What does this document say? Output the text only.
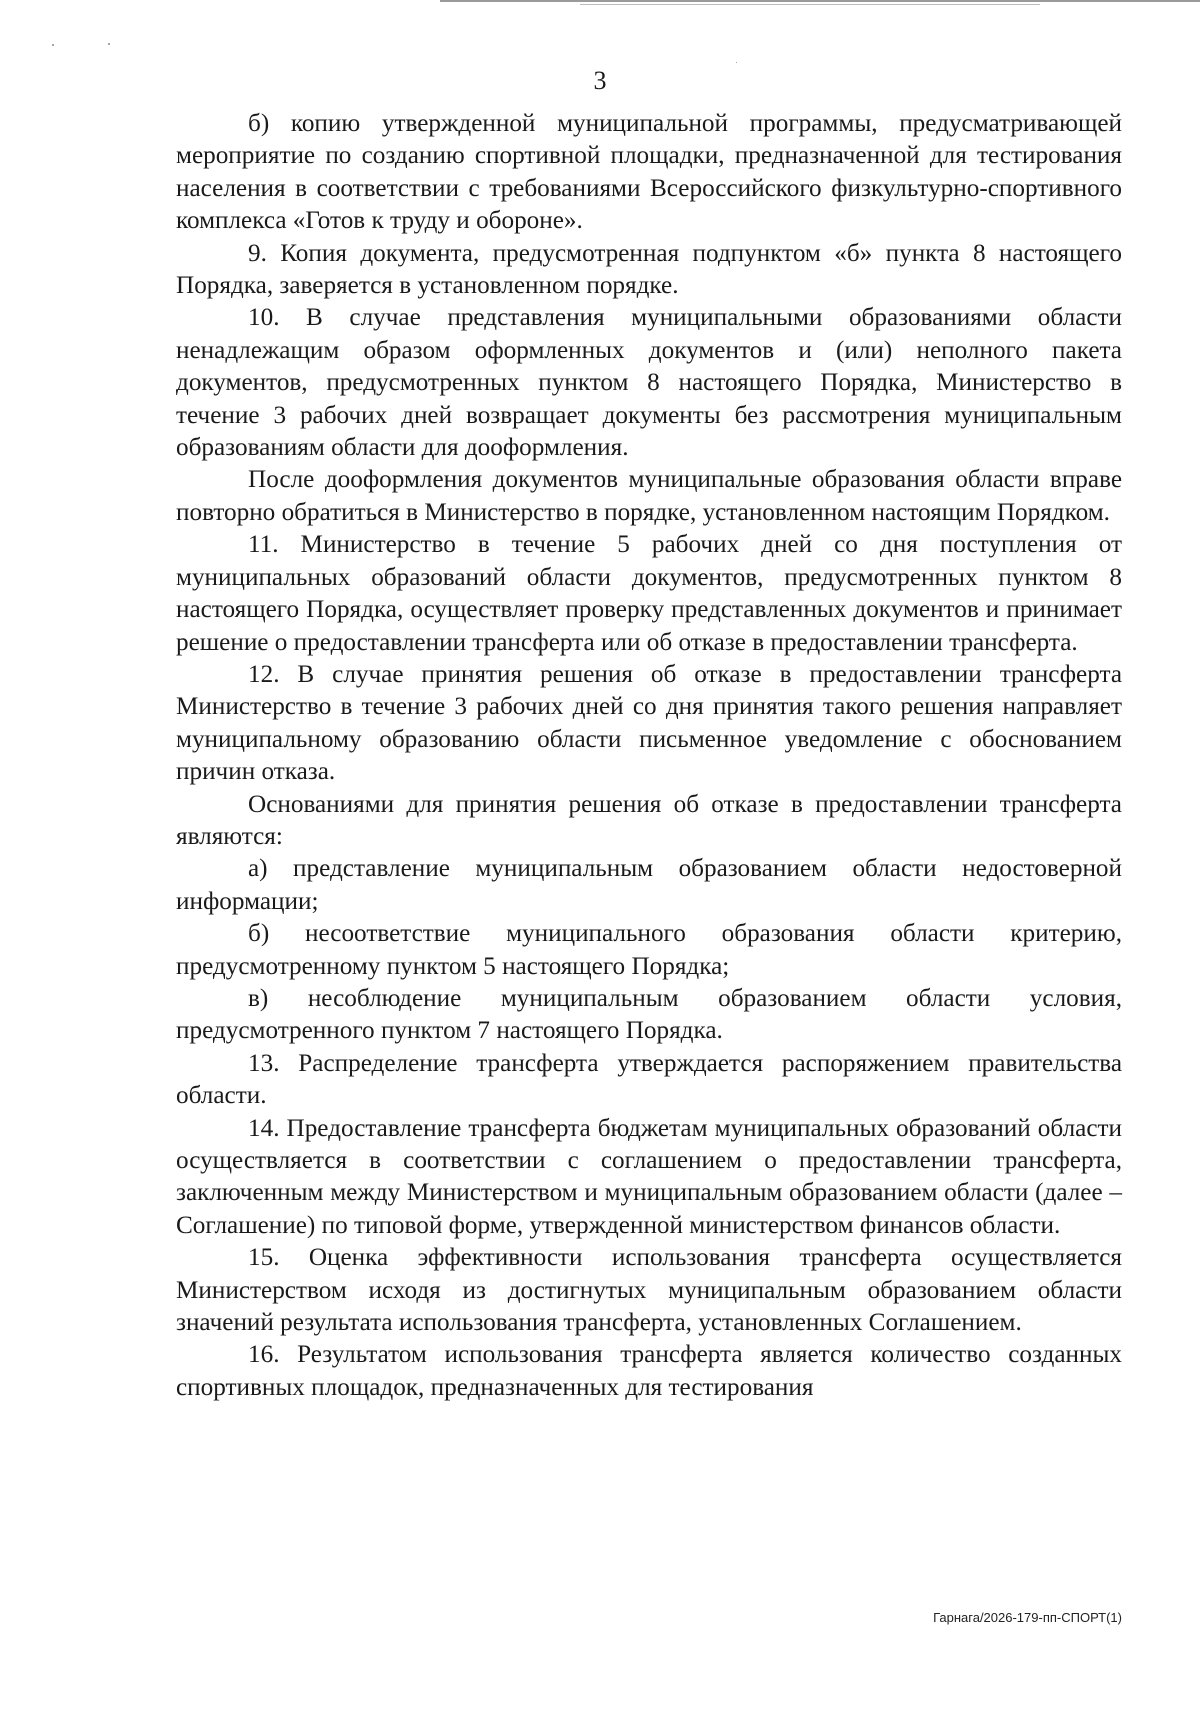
3

б) копию утвержденной муниципальной программы, предусматривающей мероприятие по созданию спортивной площадки, предназначенной для тестирования населения в соответствии с требованиями Всероссийского физкультурно-спортивного комплекса «Готов к труду и обороне».

9. Копия документа, предусмотренная подпунктом «б» пункта 8 настоящего Порядка, заверяется в установленном порядке.

10. В случае представления муниципальными образованиями области ненадлежащим образом оформленных документов и (или) неполного пакета документов, предусмотренных пунктом 8 настоящего Порядка, Министерство в течение 3 рабочих дней возвращает документы без рассмотрения муниципальным образованиям области для дооформления.

После дооформления документов муниципальные образования области вправе повторно обратиться в Министерство в порядке, установленном настоящим Порядком.

11. Министерство в течение 5 рабочих дней со дня поступления от муниципальных образований области документов, предусмотренных пунктом 8 настоящего Порядка, осуществляет проверку представленных документов и принимает решение о предоставлении трансферта или об отказе в предоставлении трансферта.

12. В случае принятия решения об отказе в предоставлении трансферта Министерство в течение 3 рабочих дней со дня принятия такого решения направляет муниципальному образованию области письменное уведомление с обоснованием причин отказа.

Основаниями для принятия решения об отказе в предоставлении трансферта являются:

а) представление муниципальным образованием области недостоверной информации;

б) несоответствие муниципального образования области критерию, предусмотренному пунктом 5 настоящего Порядка;

в) несоблюдение муниципальным образованием области условия, предусмотренного пунктом 7 настоящего Порядка.

13. Распределение трансферта утверждается распоряжением правительства области.

14. Предоставление трансферта бюджетам муниципальных образований области осуществляется в соответствии с соглашением о предоставлении трансферта, заключенным между Министерством и муниципальным образованием области (далее – Соглашение) по типовой форме, утвержденной министерством финансов области.

15. Оценка эффективности использования трансферта осуществляется Министерством исходя из достигнутых муниципальным образованием области значений результата использования трансферта, установленных Соглашением.

16. Результатом использования трансферта является количество созданных спортивных площадок, предназначенных для тестирования

Гарнага/2026-179-пп-СПОРТ(1)
